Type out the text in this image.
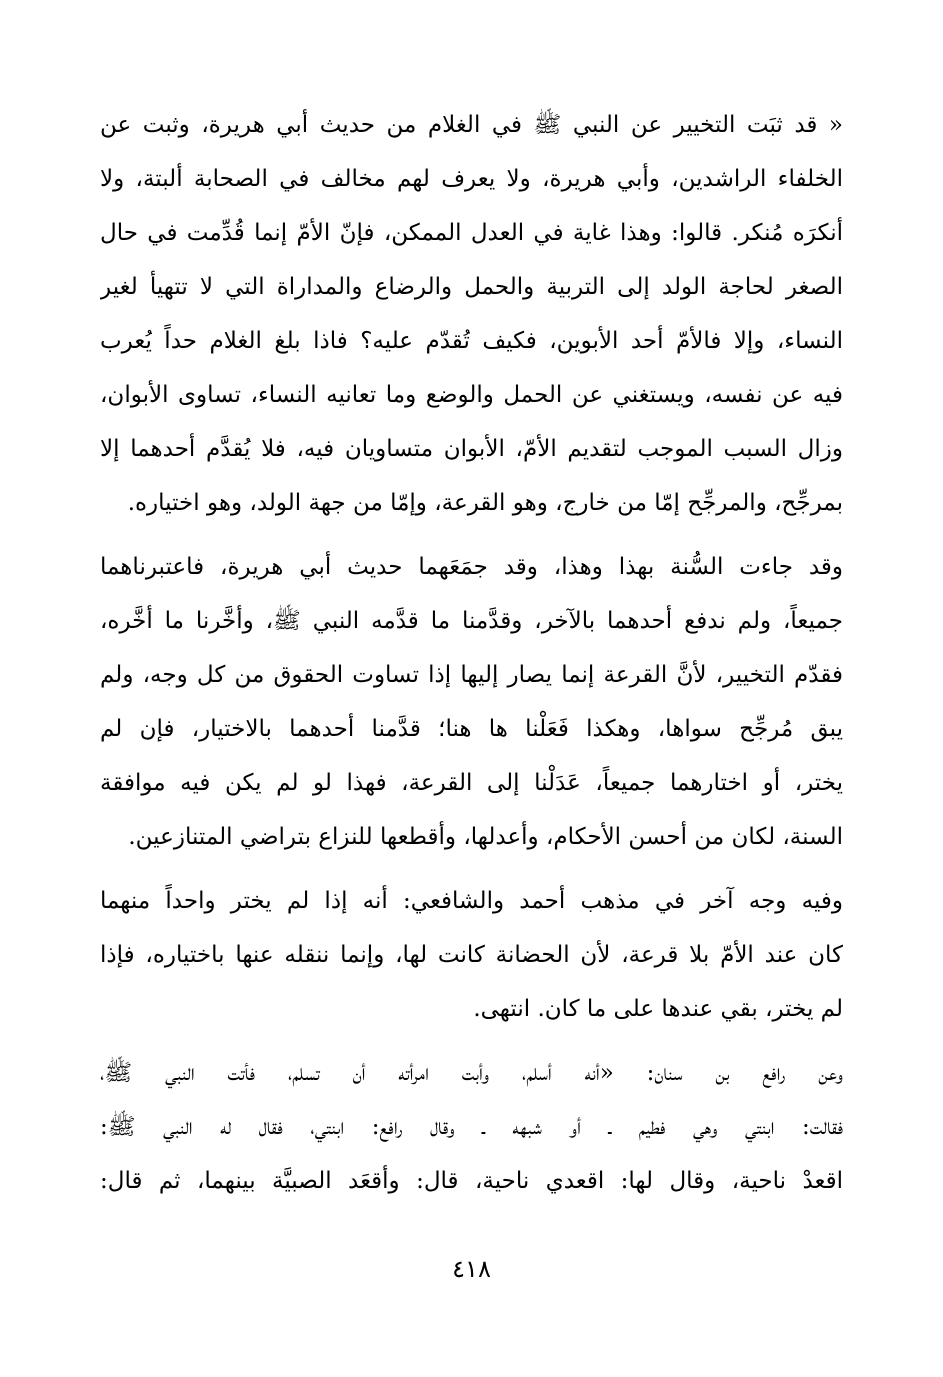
« قد ثبَت التخيير عن النبي ﷺ في الغلام من حديث أبي هريرة، وثبت عن
الخلفاء الراشدين، وأبي هريرة، ولا يعرف لهم مخالف في الصحابة ألبتة، ولا
أنكرَه مُنكر. قالوا: وهذا غاية في العدل الممكن، فإنّ الأمّ إنما قُدِّمت في حال
الصغر لحاجة الولد إلى التربية والحمل والرضاع والمداراة التي لا تتهيأ لغير
النساء، وإلا فالأمّ أحد الأبوين، فكيف تُقدّم عليه؟ فاذا بلغ الغلام حداً يُعرب
فيه عن نفسه، ويستغني عن الحمل والوضع وما تعانيه النساء، تساوى الأبوان،
وزال السبب الموجب لتقديم الأمّ، الأبوان متساويان فيه، فلا يُقدَّم أحدهما إلا
بمرجِّح، والمرجِّح إمّا من خارج، وهو القرعة، وإمّا من جهة الولد، وهو اختياره.
وقد جاءت السُّنة بهذا وهذا، وقد جمَعَهما حديث أبي هريرة، فاعتبرناهما
جميعاً، ولم ندفع أحدهما بالآخر، وقدَّمنا ما قدَّمه النبي ﷺ، وأخَّرنا ما أخَّره،
فقدّم التخيير، لأنَّ القرعة إنما يصار إليها إذا تساوت الحقوق من كل وجه، ولم
يبق مُرجِّح سواها، وهكذا فَعَلْنا ها هنا؛ قدَّمنا أحدهما بالاختيار، فإن لم
يختر، أو اختارهما جميعاً، عَدَلْنا إلى القرعة، فهذا لو لم يكن فيه موافقة
السنة، لكان من أحسن الأحكام، وأعدلها، وأقطعها للنزاع بتراضي المتنازعين.
وفيه وجه آخر في مذهب أحمد والشافعي: أنه إذا لم يختر واحداً منهما
كان عند الأمّ بلا قرعة، لأن الحضانة كانت لها، وإنما ننقله عنها باختياره، فإذا
لم يختر، بقي عندها على ما كان. انتهى.
وعن رافع بن سنان: «أنه أسلم، وأبت امرأته أن تسلم، فأتت النبي ﷺ،
فقالت: ابنتي وهي فطيم ـ أو شبهه ـ وقال رافع: ابنتي، فقال له النبي ﷺ:
اقعدْ ناحية، وقال لها: اقعدي ناحية، قال: وأقعَد الصبيَّة بينهما، ثم قال:
٤١٨
